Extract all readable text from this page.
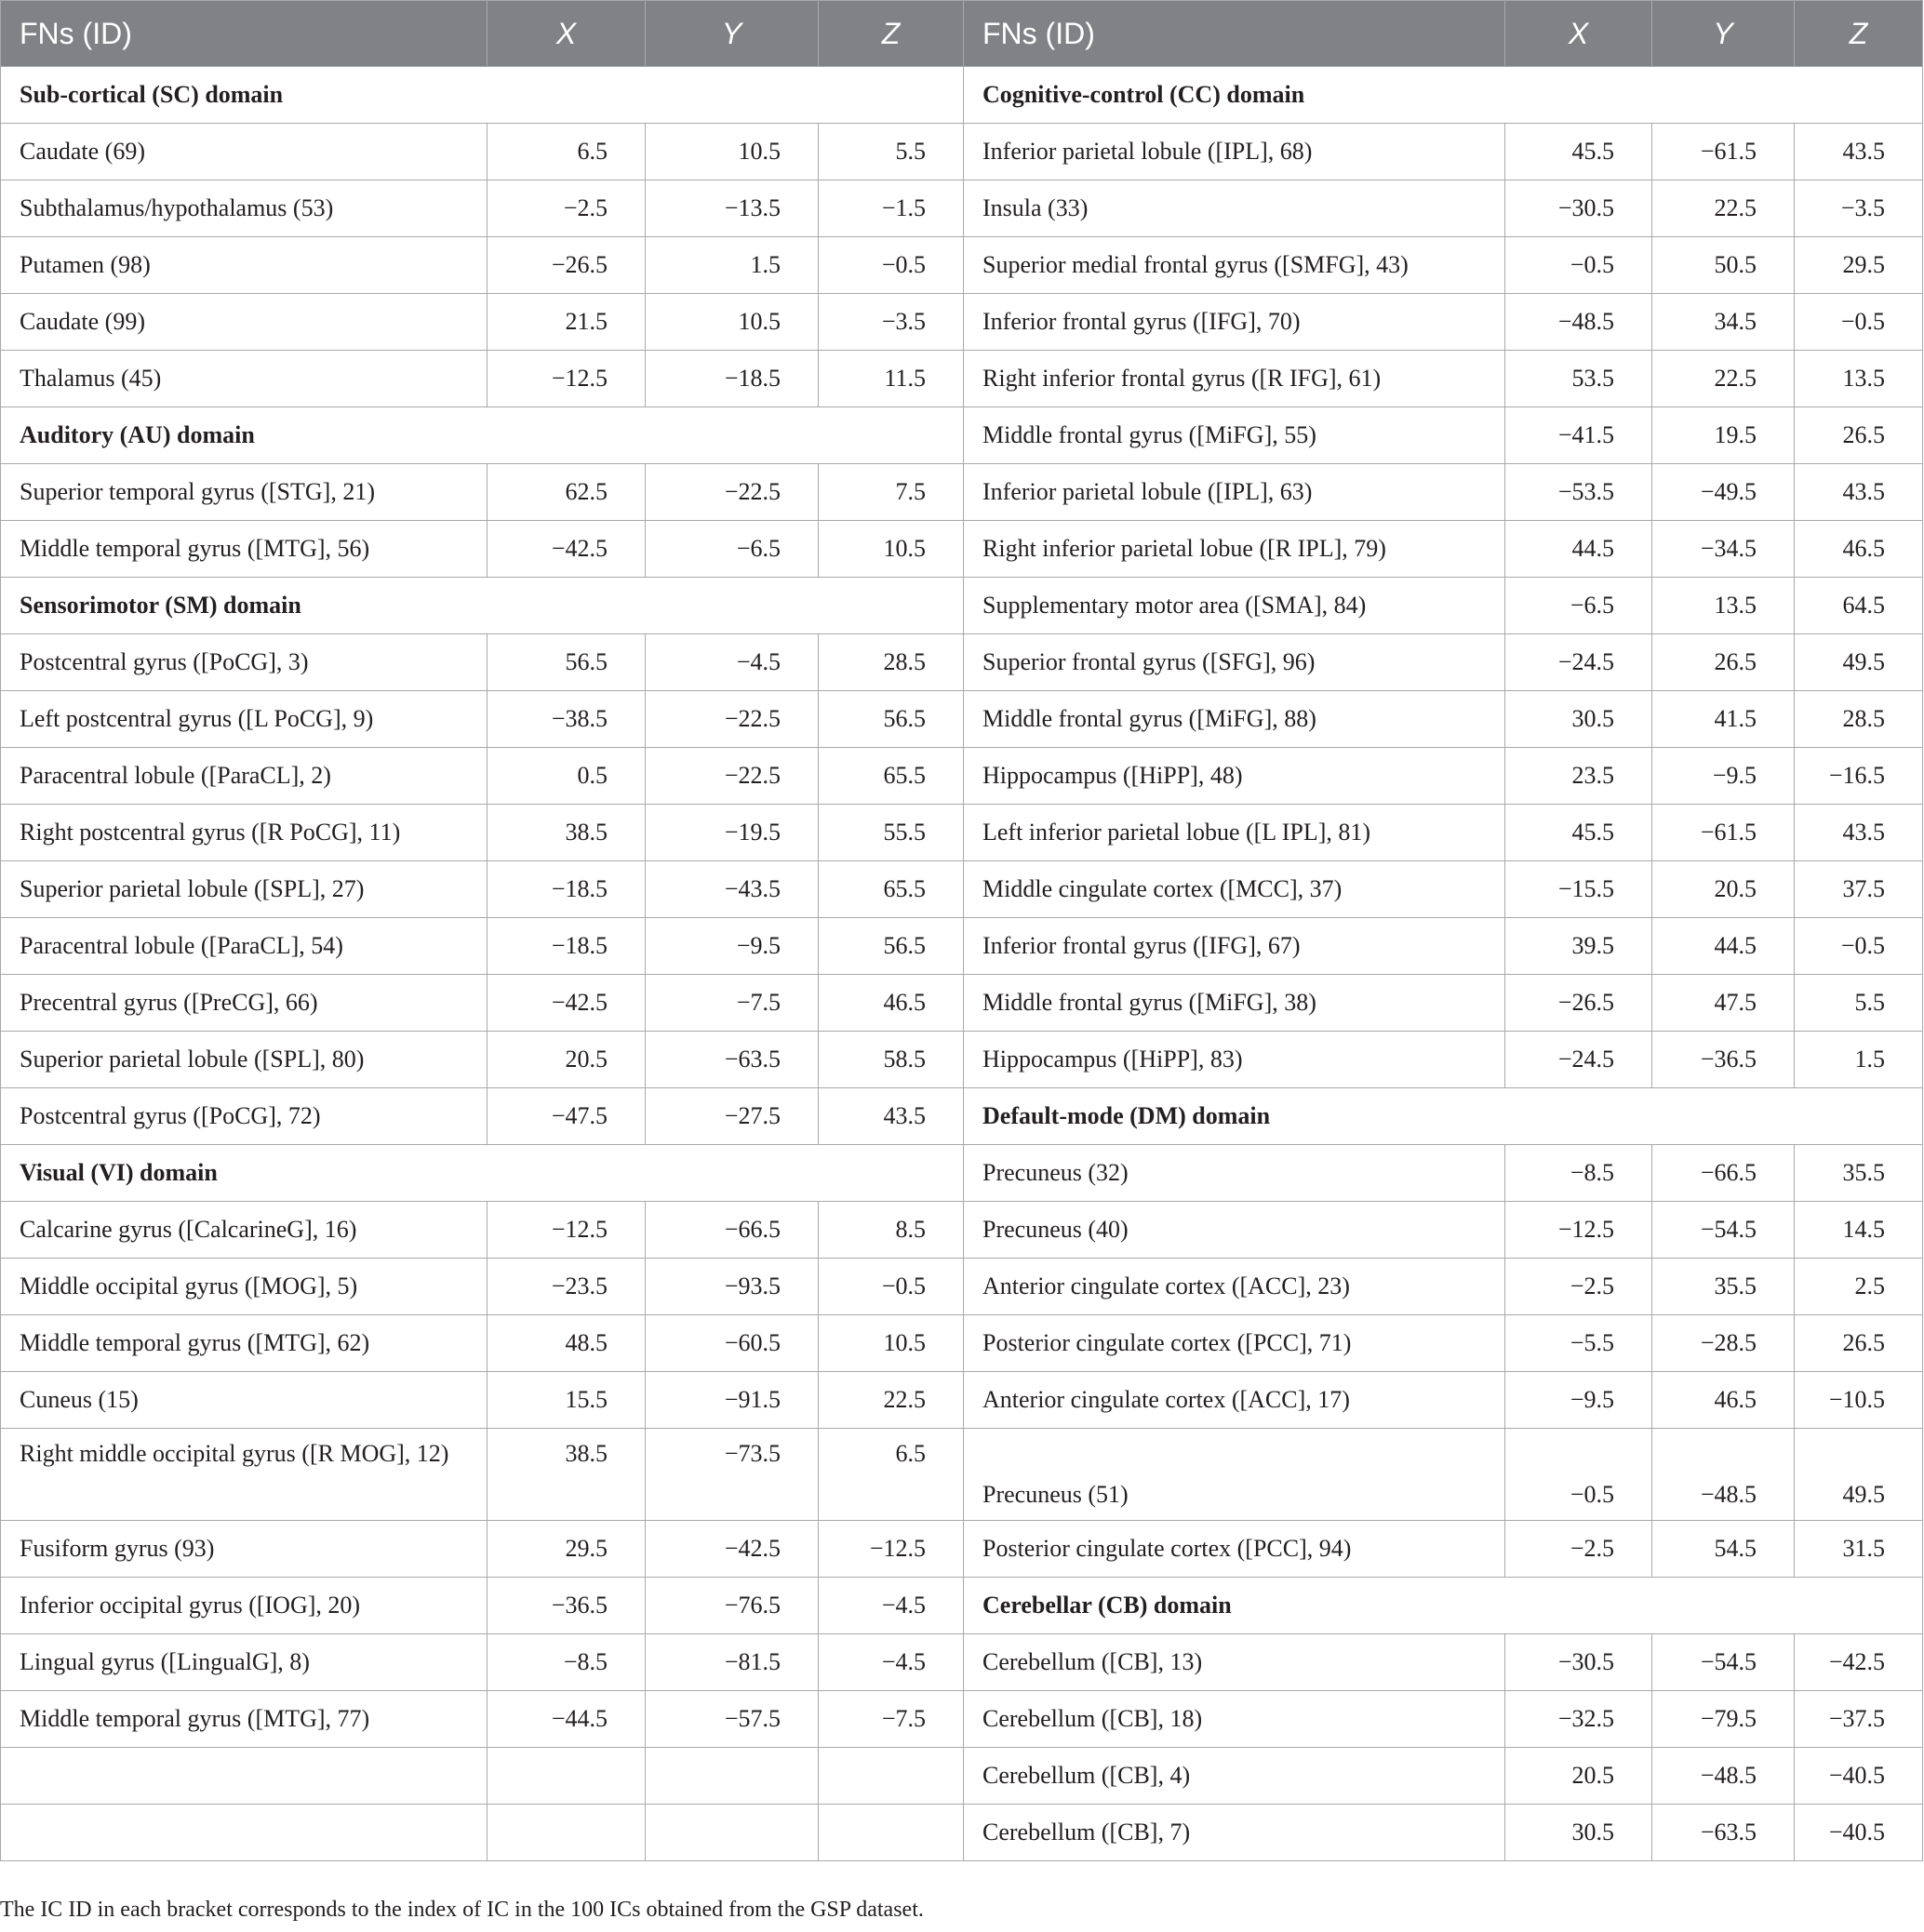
FNs (ID)	X	Y	Z	FNs (ID)	X	Y	Z
Sub-cortical (SC) domain				Cognitive-control (CC) domain			
Caudate (69)	6.5	10.5	5.5	Inferior parietal lobule ([IPL], 68)	45.5	−61.5	43.5
Subthalamus/hypothalamus (53)	−2.5	−13.5	−1.5	Insula (33)	−30.5	22.5	−3.5
Putamen (98)	−26.5	1.5	−0.5	Superior medial frontal gyrus ([SMFG], 43)	−0.5	50.5	29.5
Caudate (99)	21.5	10.5	−3.5	Inferior frontal gyrus ([IFG], 70)	−48.5	34.5	−0.5
Thalamus (45)	−12.5	−18.5	11.5	Right inferior frontal gyrus ([R IFG], 61)	53.5	22.5	13.5
Auditory (AU) domain				Middle frontal gyrus ([MiFG], 55)	−41.5	19.5	26.5
Superior temporal gyrus ([STG], 21)	62.5	−22.5	7.5	Inferior parietal lobule ([IPL], 63)	−53.5	−49.5	43.5
Middle temporal gyrus ([MTG], 56)	−42.5	−6.5	10.5	Right inferior parietal lobue ([R IPL], 79)	44.5	−34.5	46.5
Sensorimotor (SM) domain				Supplementary motor area ([SMA], 84)	−6.5	13.5	64.5
Postcentral gyrus ([PoCG], 3)	56.5	−4.5	28.5	Superior frontal gyrus ([SFG], 96)	−24.5	26.5	49.5
Left postcentral gyrus ([L PoCG], 9)	−38.5	−22.5	56.5	Middle frontal gyrus ([MiFG], 88)	30.5	41.5	28.5
Paracentral lobule ([ParaCL], 2)	0.5	−22.5	65.5	Hippocampus ([HiPP], 48)	23.5	−9.5	−16.5
Right postcentral gyrus ([R PoCG], 11)	38.5	−19.5	55.5	Left inferior parietal lobue ([L IPL], 81)	45.5	−61.5	43.5
Superior parietal lobule ([SPL], 27)	−18.5	−43.5	65.5	Middle cingulate cortex ([MCC], 37)	−15.5	20.5	37.5
Paracentral lobule ([ParaCL], 54)	−18.5	−9.5	56.5	Inferior frontal gyrus ([IFG], 67)	39.5	44.5	−0.5
Precentral gyrus ([PreCG], 66)	−42.5	−7.5	46.5	Middle frontal gyrus ([MiFG], 38)	−26.5	47.5	5.5
Superior parietal lobule ([SPL], 80)	20.5	−63.5	58.5	Hippocampus ([HiPP], 83)	−24.5	−36.5	1.5
Postcentral gyrus ([PoCG], 72)	−47.5	−27.5	43.5	Default-mode (DM) domain			
Visual (VI) domain				Precuneus (32)	−8.5	−66.5	35.5
Calcarine gyrus ([CalcarineG], 16)	−12.5	−66.5	8.5	Precuneus (40)	−12.5	−54.5	14.5
Middle occipital gyrus ([MOG], 5)	−23.5	−93.5	−0.5	Anterior cingulate cortex ([ACC], 23)	−2.5	35.5	2.5
Middle temporal gyrus ([MTG], 62)	48.5	−60.5	10.5	Posterior cingulate cortex ([PCC], 71)	−5.5	−28.5	26.5
Cuneus (15)	15.5	−91.5	22.5	Anterior cingulate cortex ([ACC], 17)	−9.5	46.5	−10.5
Right middle occipital gyrus ([R MOG], 12)	38.5	−73.5	6.5	Precuneus (51)	−0.5	−48.5	49.5
Fusiform gyrus (93)	29.5	−42.5	−12.5	Posterior cingulate cortex ([PCC], 94)	−2.5	54.5	31.5
Inferior occipital gyrus ([IOG], 20)	−36.5	−76.5	−4.5	Cerebellar (CB) domain			
Lingual gyrus ([LingualG], 8)	−8.5	−81.5	−4.5	Cerebellum ([CB], 13)	−30.5	−54.5	−42.5
Middle temporal gyrus ([MTG], 77)	−44.5	−57.5	−7.5	Cerebellum ([CB], 18)	−32.5	−79.5	−37.5
				Cerebellum ([CB], 4)	20.5	−48.5	−40.5
				Cerebellum ([CB], 7)	30.5	−63.5	−40.5
The IC ID in each bracket corresponds to the index of IC in the 100 ICs obtained from the GSP dataset.
